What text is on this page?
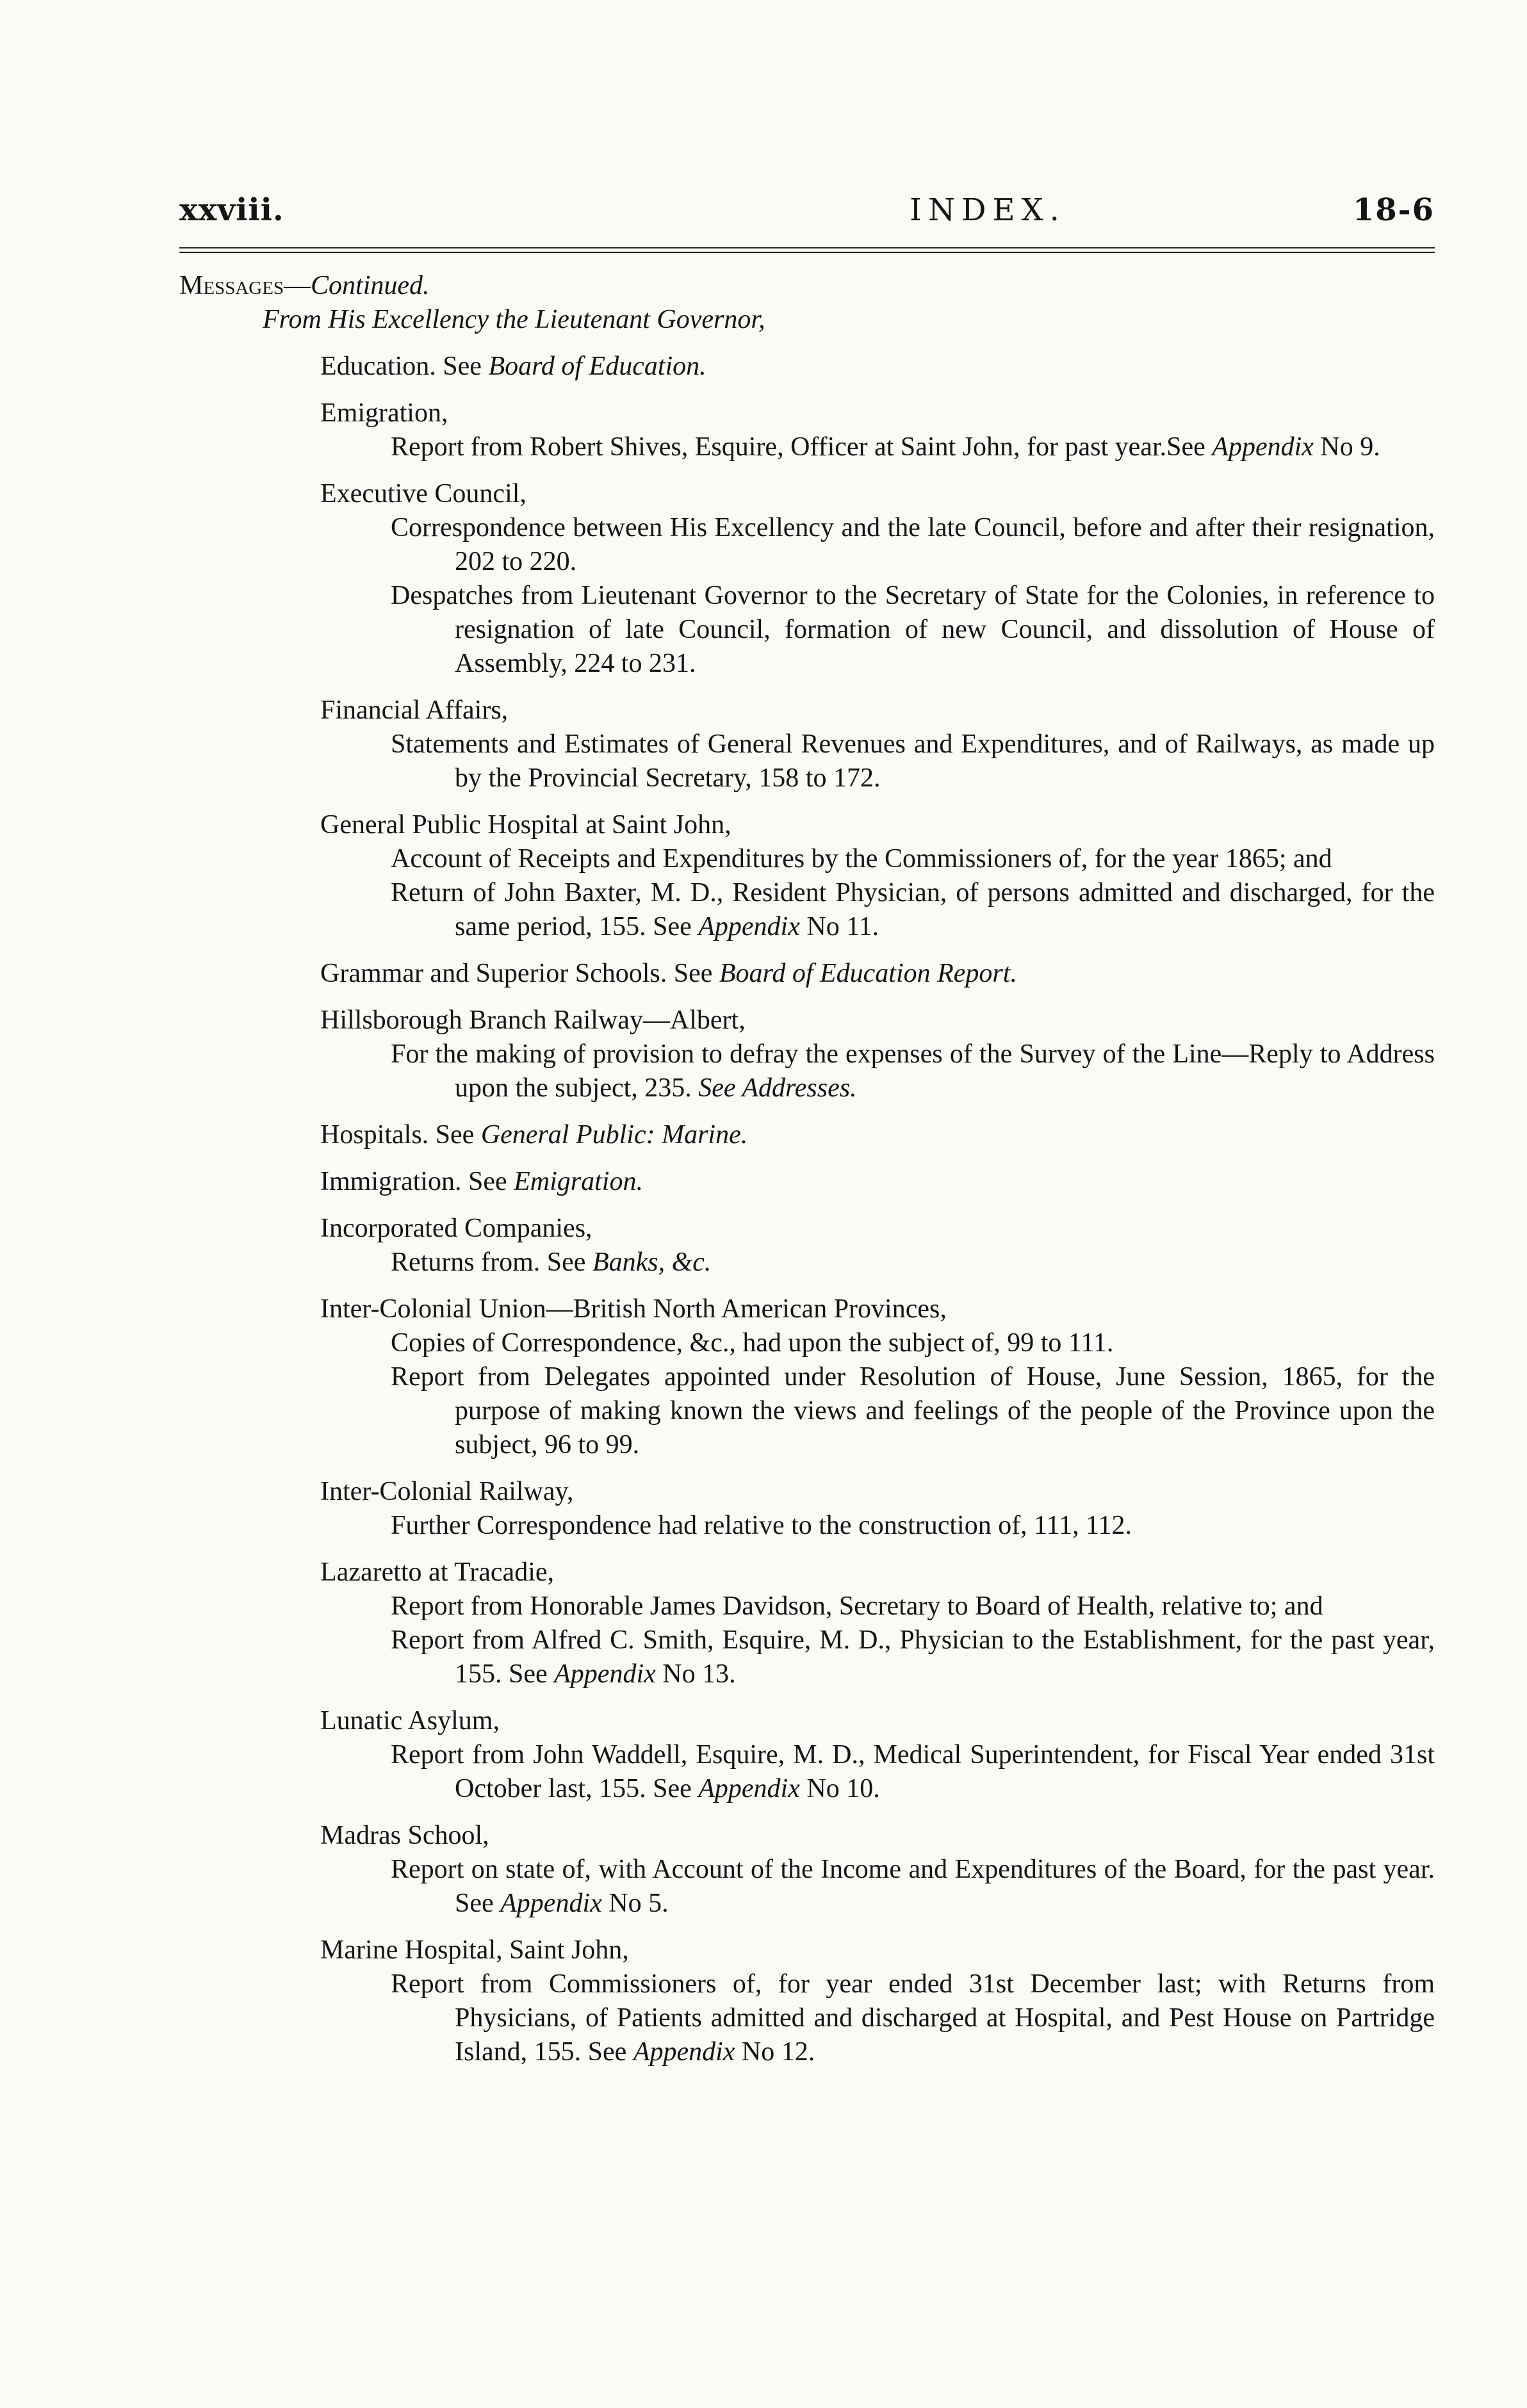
xxviii.	INDEX.	18-6
Messages—Continued.
From His Excellency the Lieutenant Governor,
Education. See Board of Education.
Emigration,
Report from Robert Shives, Esquire, Officer at Saint John, for past year.See Appendix No 9.
Executive Council,
Correspondence between His Excellency and the late Council, before and after their resignation, 202 to 220.
Despatches from Lieutenant Governor to the Secretary of State for the Colonies, in reference to resignation of late Council, formation of new Council, and dissolution of House of Assembly, 224 to 231.
Financial Affairs,
Statements and Estimates of General Revenues and Expenditures, and of Railways, as made up by the Provincial Secretary, 158 to 172.
General Public Hospital at Saint John,
Account of Receipts and Expenditures by the Commissioners of, for the year 1865; and
Return of John Baxter, M. D., Resident Physician, of persons admitted and discharged, for the same period, 155. See Appendix No 11.
Grammar and Superior Schools. See Board of Education Report.
Hillsborough Branch Railway—Albert,
For the making of provision to defray the expenses of the Survey of the Line—Reply to Address upon the subject, 235. See Addresses.
Hospitals. See General Public: Marine.
Immigration. See Emigration.
Incorporated Companies,
Returns from. See Banks, &c.
Inter-Colonial Union—British North American Provinces,
Copies of Correspondence, &c., had upon the subject of, 99 to 111.
Report from Delegates appointed under Resolution of House, June Session, 1865, for the purpose of making known the views and feelings of the people of the Province upon the subject, 96 to 99.
Inter-Colonial Railway,
Further Correspondence had relative to the construction of, 111, 112.
Lazaretto at Tracadie,
Report from Honorable James Davidson, Secretary to Board of Health, relative to; and
Report from Alfred C. Smith, Esquire, M. D., Physician to the Establishment, for the past year, 155. See Appendix No 13.
Lunatic Asylum,
Report from John Waddell, Esquire, M. D., Medical Superintendent, for Fiscal Year ended 31st October last, 155. See Appendix No 10.
Madras School,
Report on state of, with Account of the Income and Expenditures of the Board, for the past year. See Appendix No 5.
Marine Hospital, Saint John,
Report from Commissioners of, for year ended 31st December last; with Returns from Physicians, of Patients admitted and discharged at Hospital, and Pest House on Partridge Island, 155. See Appendix No 12.
